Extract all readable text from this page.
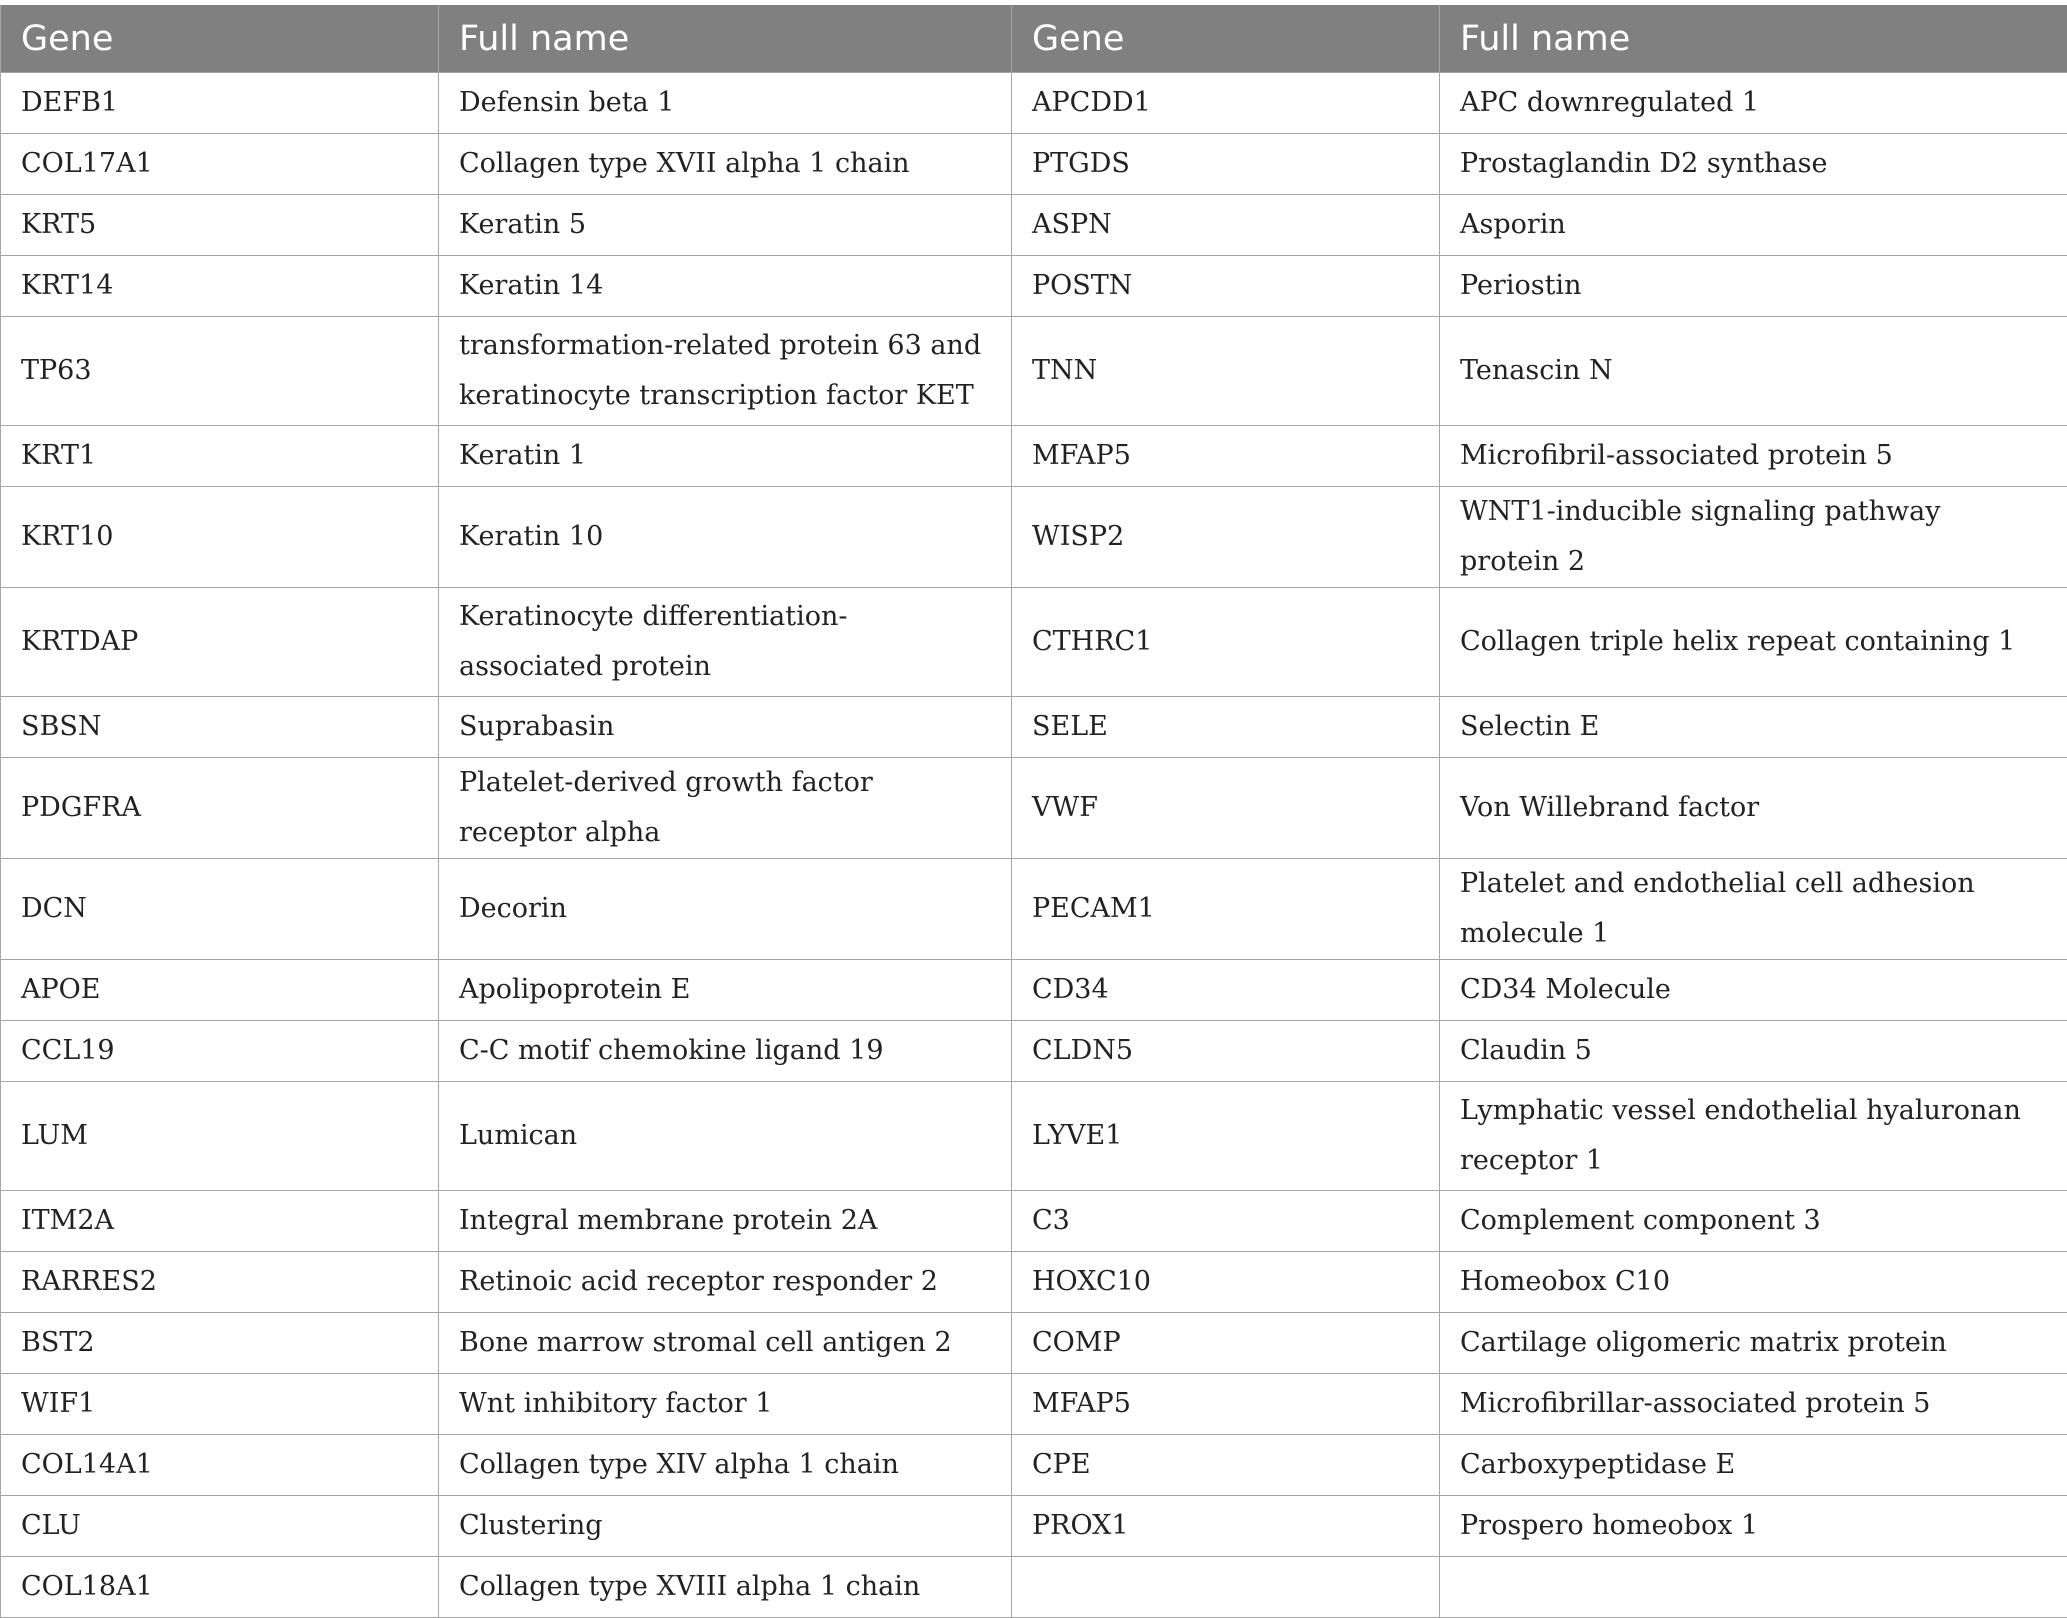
Gene	Full name	Gene	Full name
DEFB1	Defensin beta 1	APCDD1	APC downregulated 1
COL17A1	Collagen type XVII alpha 1 chain	PTGDS	Prostaglandin D2 synthase
KRT5	Keratin 5	ASPN	Asporin
KRT14	Keratin 14	POSTN	Periostin
TP63	transformation-related protein 63 and keratinocyte transcription factor KET	TNN	Tenascin N
KRT1	Keratin 1	MFAP5	Microfibril-associated protein 5
KRT10	Keratin 10	WISP2	WNT1-inducible signaling pathway protein 2
KRTDAP	Keratinocyte differentiation-associated protein	CTHRC1	Collagen triple helix repeat containing 1
SBSN	Suprabasin	SELE	Selectin E
PDGFRA	Platelet-derived growth factor receptor alpha	VWF	Von Willebrand factor
DCN	Decorin	PECAM1	Platelet and endothelial cell adhesion molecule 1
APOE	Apolipoprotein E	CD34	CD34 Molecule
CCL19	C-C motif chemokine ligand 19	CLDN5	Claudin 5
LUM	Lumican	LYVE1	Lymphatic vessel endothelial hyaluronan receptor 1
ITM2A	Integral membrane protein 2A	C3	Complement component 3
RARRES2	Retinoic acid receptor responder 2	HOXC10	Homeobox C10
BST2	Bone marrow stromal cell antigen 2	COMP	Cartilage oligomeric matrix protein
WIF1	Wnt inhibitory factor 1	MFAP5	Microfibrillar-associated protein 5
COL14A1	Collagen type XIV alpha 1 chain	CPE	Carboxypeptidase E
CLU	Clustering	PROX1	Prospero homeobox 1
COL18A1	Collagen type XVIII alpha 1 chain		
